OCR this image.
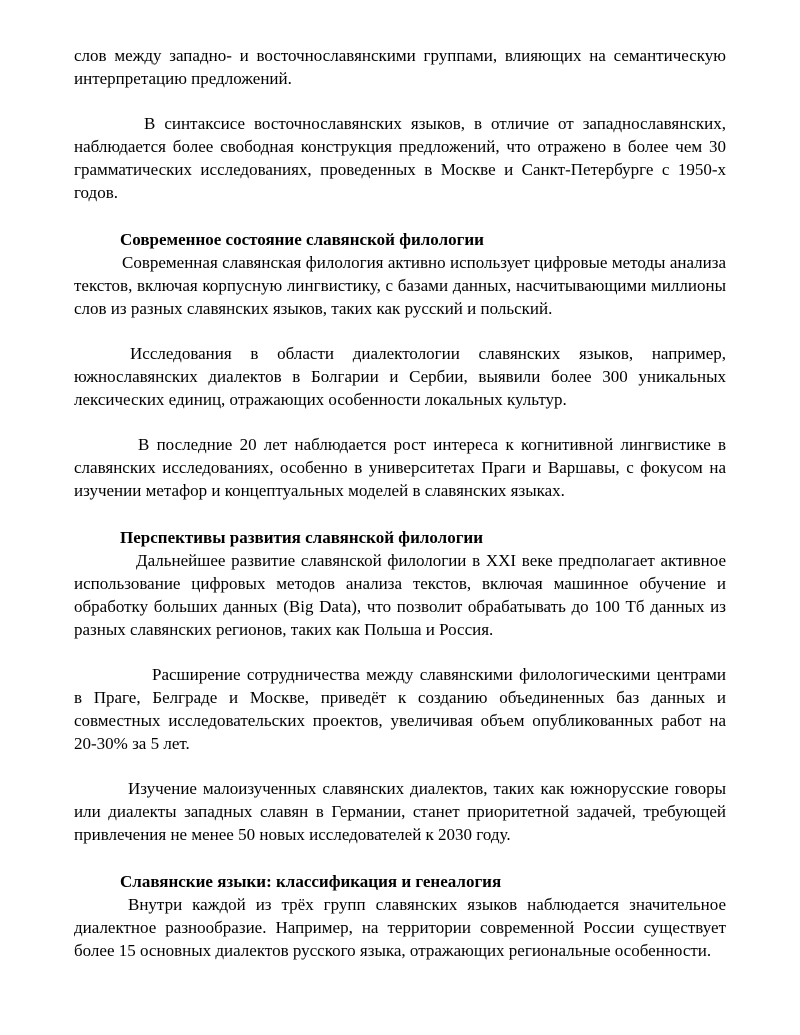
слов между западно- и восточнославянскими группами, влияющих на семантическую интерпретацию предложений.

В синтаксисе восточнославянских языков, в отличие от западнославянских, наблюдается более свободная конструкция предложений, что отражено в более чем 30 грамматических исследованиях, проведенных в Москве и Санкт-Петербурге с 1950-х годов.

Современное состояние славянской филологии

Современная славянская филология активно использует цифровые методы анализа текстов, включая корпусную лингвистику, с базами данных, насчитывающими миллионы слов из разных славянских языков, таких как русский и польский.

Исследования в области диалектологии славянских языков, например, южнославянских диалектов в Болгарии и Сербии, выявили более 300 уникальных лексических единиц, отражающих особенности локальных культур.

В последние 20 лет наблюдается рост интереса к когнитивной лингвистике в славянских исследованиях, особенно в университетах Праги и Варшавы, с фокусом на изучении метафор и концептуальных моделей в славянских языках.

Перспективы развития славянской филологии

Дальнейшее развитие славянской филологии в XXI веке предполагает активное использование цифровых методов анализа текстов, включая машинное обучение и обработку больших данных (Big Data), что позволит обрабатывать до 100 Тб данных из разных славянских регионов, таких как Польша и Россия.

Расширение сотрудничества между славянскими филологическими центрами в Праге, Белграде и Москве, приведёт к созданию объединенных баз данных и совместных исследовательских проектов, увеличивая объем опубликованных работ на 20-30% за 5 лет.

Изучение малоизученных славянских диалектов, таких как южнорусские говоры или диалекты западных славян в Германии, станет приоритетной задачей, требующей привлечения не менее 50 новых исследователей к 2030 году.

Славянские языки: классификация и генеалогия

Внутри каждой из трёх групп славянских языков наблюдается значительное диалектное разнообразие. Например, на территории современной России существует более 15 основных диалектов русского языка, отражающих региональные особенности.
